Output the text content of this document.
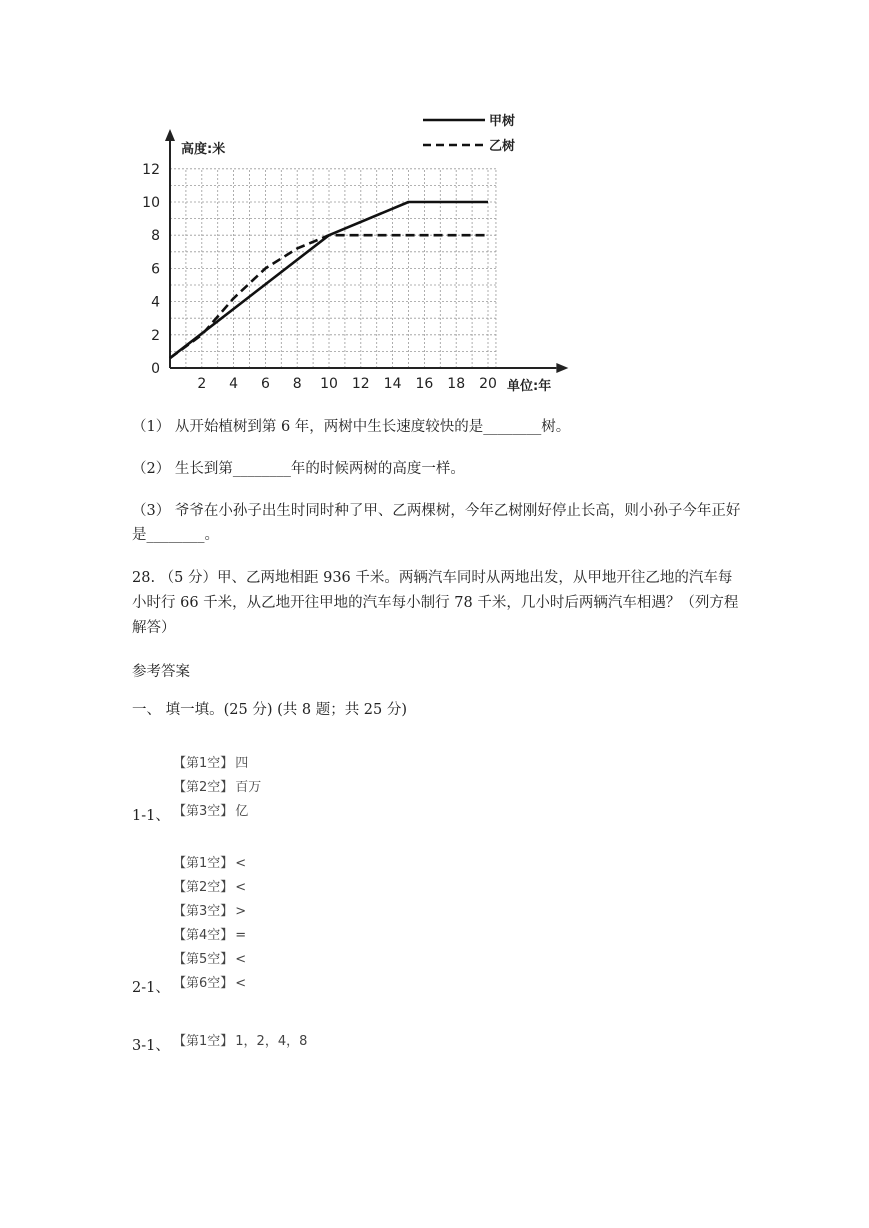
2 4 6 8 10 12 14 16 18 20
0
2
4
6
8
10
12
高度:米
单位:年
甲树
乙树
（1） 从开始植树到第 6 年，两树中生长速度较快的是________树。
（2） 生长到第________年的时候两树的高度一样。
（3） 爷爷在小孙子出生时同时种了甲、乙两棵树，今年乙树刚好停止长高，则小孙子今年正好是________。
28. （5 分）甲、乙两地相距 936 千米。两辆汽车同时从两地出发，从甲地开往乙地的汽车每小时行 66 千米，从乙地开往甲地的汽车每小制行 78 千米，几小时后两辆汽车相遇？（列方程解答）
参考答案
一、 填一填。(25 分) (共 8 题；共 25 分)
【第1空】 四
【第2空】 百万
【第3空】 亿
1-1、
【第1空】 <
【第2空】 <
【第3空】 >
【第4空】 =
【第5空】 <
【第6空】 <
2-1、
【第1空】 1，2，4，8
3-1、
